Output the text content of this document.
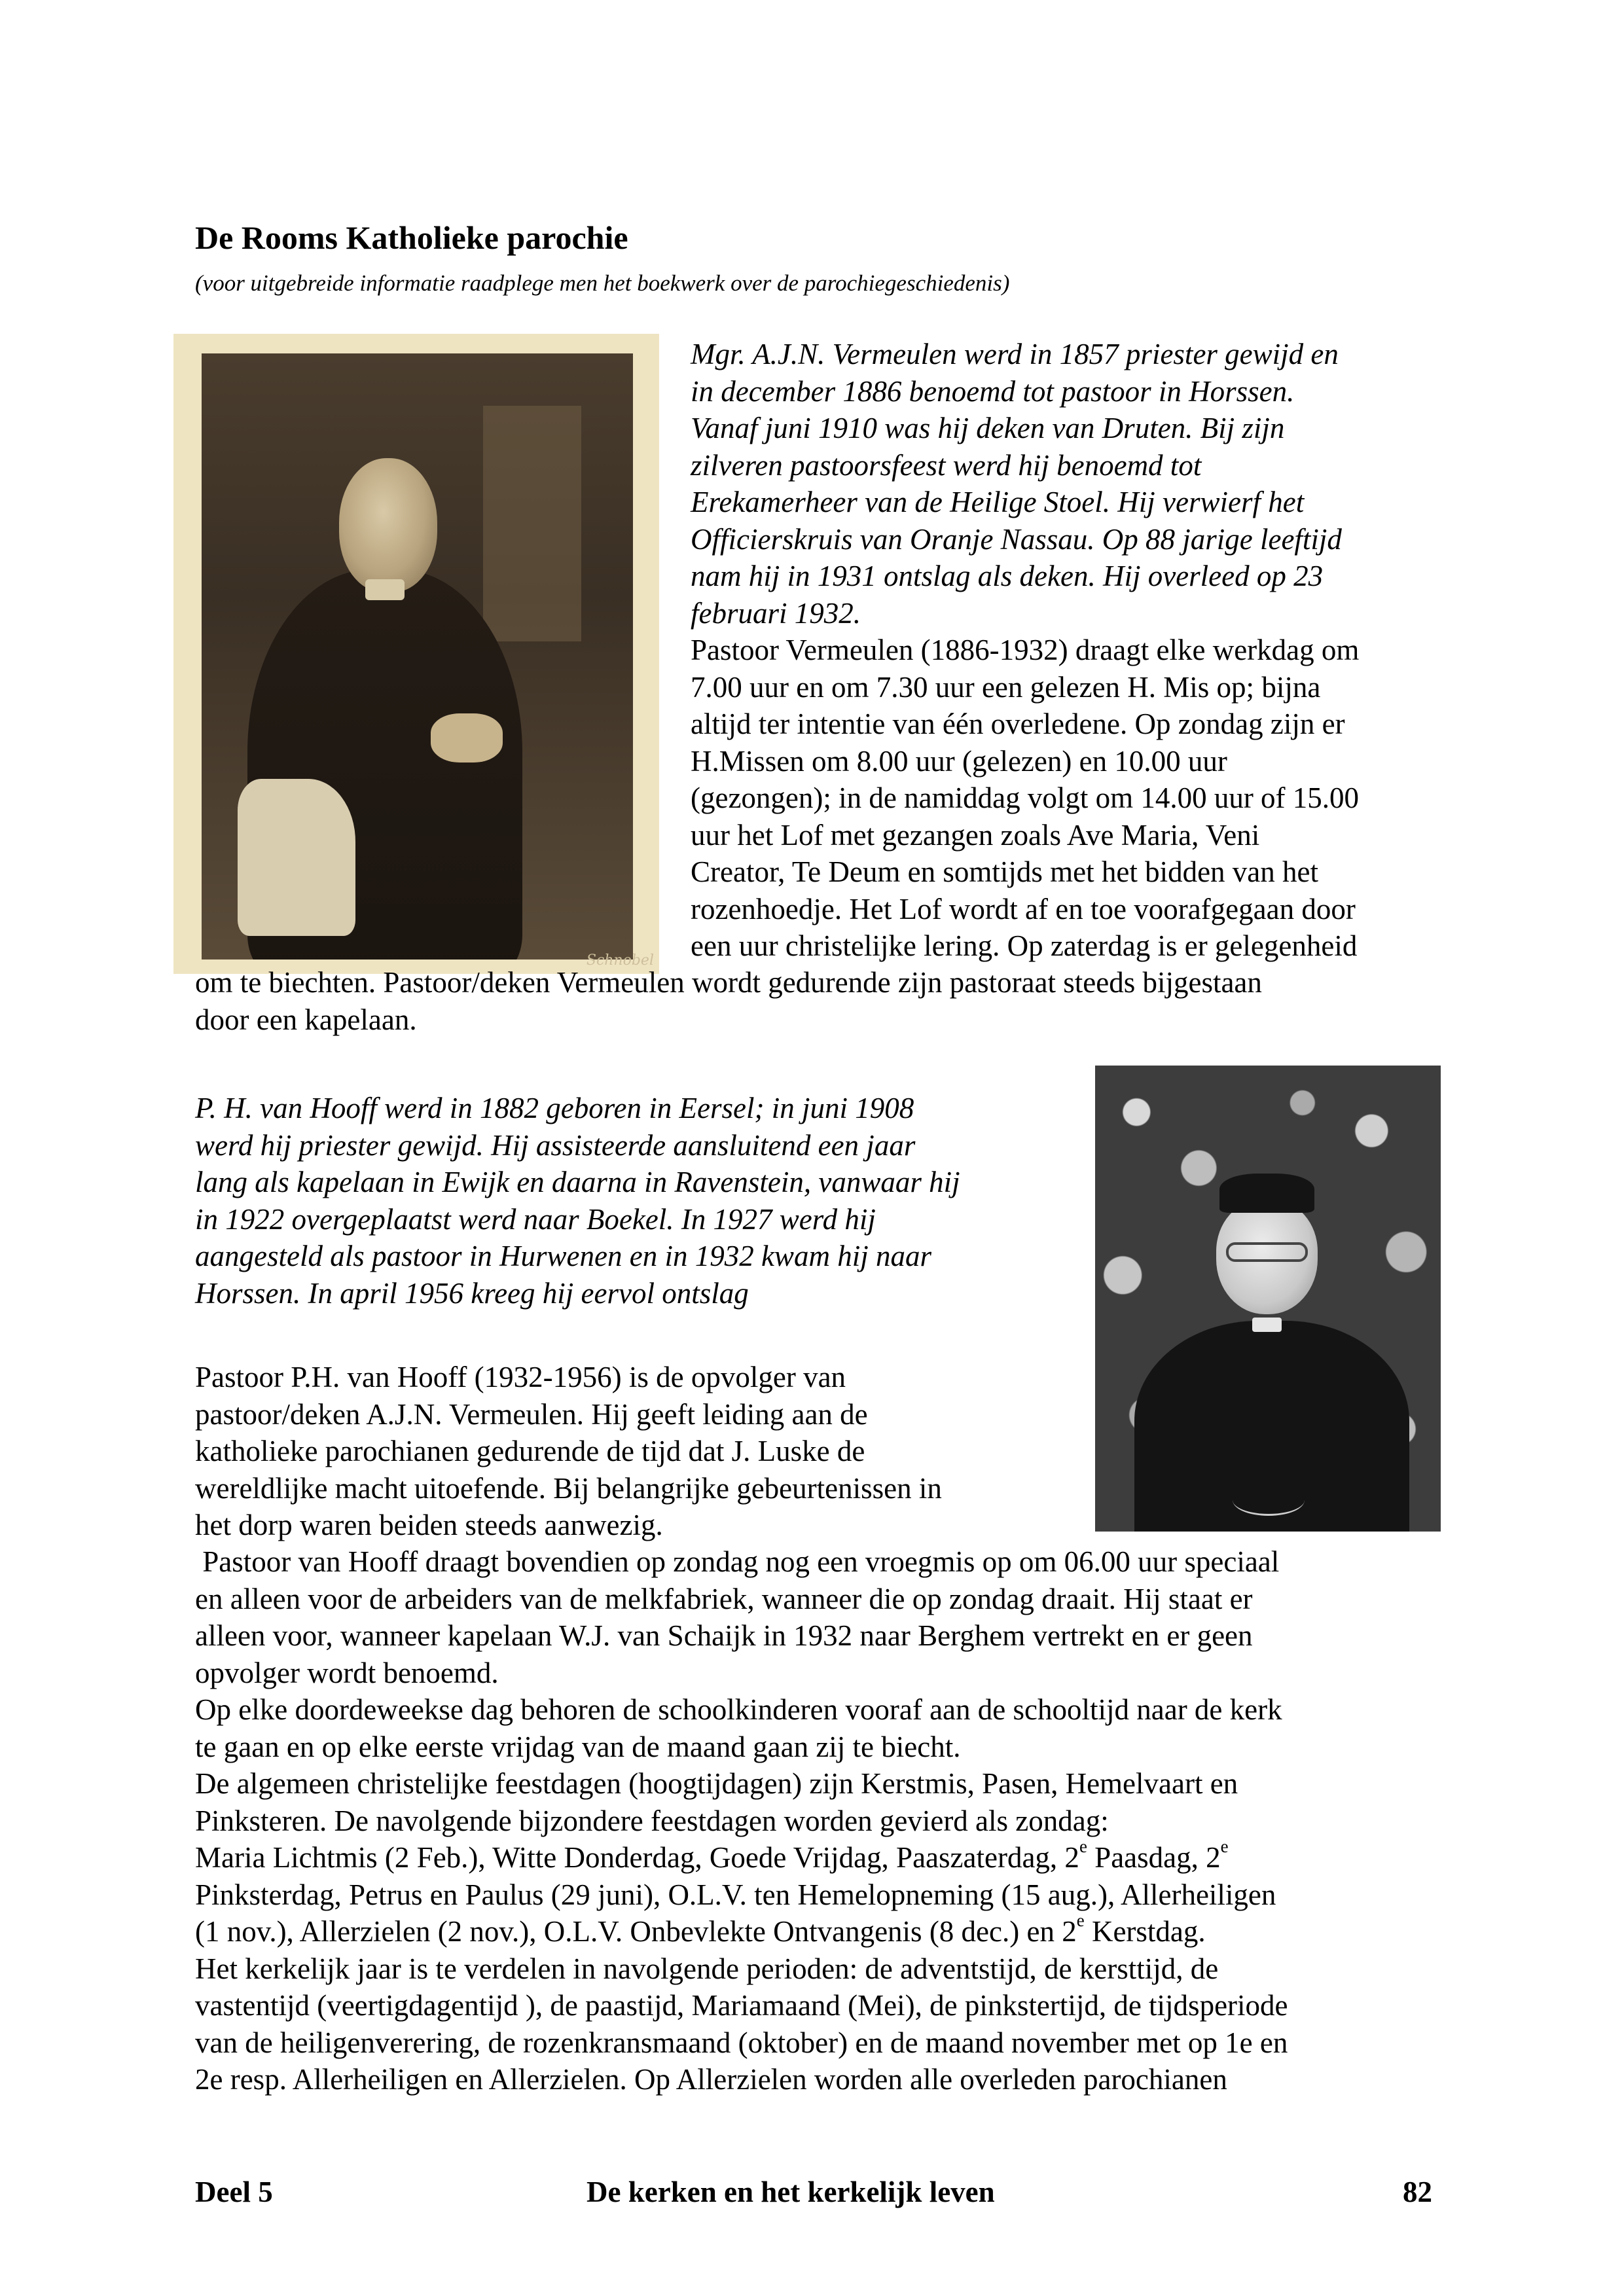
De Rooms Katholieke parochie
(voor uitgebreide informatie raadplege men het boekwerk over de parochiegeschiedenis)
Schnobel
Mgr. A.J.N. Vermeulen werd in 1857 priester gewijd en
in december 1886 benoemd tot pastoor in Horssen.
Vanaf juni 1910 was hij deken van Druten. Bij zijn
zilveren pastoorsfeest werd hij benoemd tot
Erekamerheer van de Heilige Stoel. Hij verwierf het
Officierskruis van Oranje Nassau. Op 88 jarige leeftijd
nam hij in 1931 ontslag als deken. Hij overleed op 23
februari 1932.
Pastoor Vermeulen (1886-1932) draagt elke werkdag om
7.00 uur en om 7.30 uur een gelezen H. Mis op; bijna
altijd ter intentie van één overledene. Op zondag zijn er
H.Missen om 8.00 uur (gelezen) en 10.00 uur
(gezongen); in de namiddag volgt om 14.00 uur of 15.00
uur het Lof met gezangen zoals Ave Maria, Veni
Creator, Te Deum en somtijds met het bidden van het
rozenhoedje. Het Lof wordt af en toe voorafgegaan door
een uur christelijke lering. Op zaterdag is er gelegenheid
om te biechten. Pastoor/deken Vermeulen wordt gedurende zijn pastoraat steeds bijgestaan
door een kapelaan.
P. H. van Hooff werd in 1882 geboren in Eersel; in juni 1908
werd hij priester gewijd. Hij assisteerde aansluitend een jaar
lang als kapelaan in Ewijk en daarna in Ravenstein, vanwaar hij
in 1922 overgeplaatst werd naar Boekel. In 1927 werd hij
aangesteld als pastoor in Hurwenen en in 1932 kwam hij naar
Horssen. In april 1956 kreeg hij eervol ontslag
Pastoor P.H. van Hooff (1932-1956) is de opvolger van
pastoor/deken A.J.N. Vermeulen. Hij geeft leiding aan de
katholieke parochianen gedurende de tijd dat J. Luske de
wereldlijke macht uitoefende. Bij belangrijke gebeurtenissen in
het dorp waren beiden steeds aanwezig.
Pastoor van Hooff draagt bovendien op zondag nog een vroegmis op om 06.00 uur speciaal
en alleen voor de arbeiders van de melkfabriek, wanneer die op zondag draait. Hij staat er
alleen voor, wanneer kapelaan W.J. van Schaijk in 1932 naar Berghem vertrekt en er geen
opvolger wordt benoemd.
Op elke doordeweekse dag behoren de schoolkinderen vooraf aan de schooltijd naar de kerk
te gaan en op elke eerste vrijdag van de maand gaan zij te biecht.
De algemeen christelijke feestdagen (hoogtijdagen) zijn Kerstmis, Pasen, Hemelvaart en
Pinksteren. De navolgende bijzondere feestdagen worden gevierd als zondag:
Maria Lichtmis (2 Feb.), Witte Donderdag, Goede Vrijdag, Paaszaterdag, 2e Paasdag, 2e
Pinksterdag, Petrus en Paulus (29 juni), O.L.V. ten Hemelopneming (15 aug.), Allerheiligen
(1 nov.), Allerzielen (2 nov.), O.L.V. Onbevlekte Ontvangenis (8 dec.) en 2e Kerstdag.
Het kerkelijk jaar is te verdelen in navolgende perioden: de adventstijd, de kersttijd, de
vastentijd (veertigdagentijd ), de paastijd, Mariamaand (Mei), de pinkstertijd, de tijdsperiode
van de heiligenverering, de rozenkransmaand (oktober) en de maand november met op 1e en
2e resp. Allerheiligen en Allerzielen. Op Allerzielen worden alle overleden parochianen
Deel 5	De kerken en het kerkelijk leven	82
